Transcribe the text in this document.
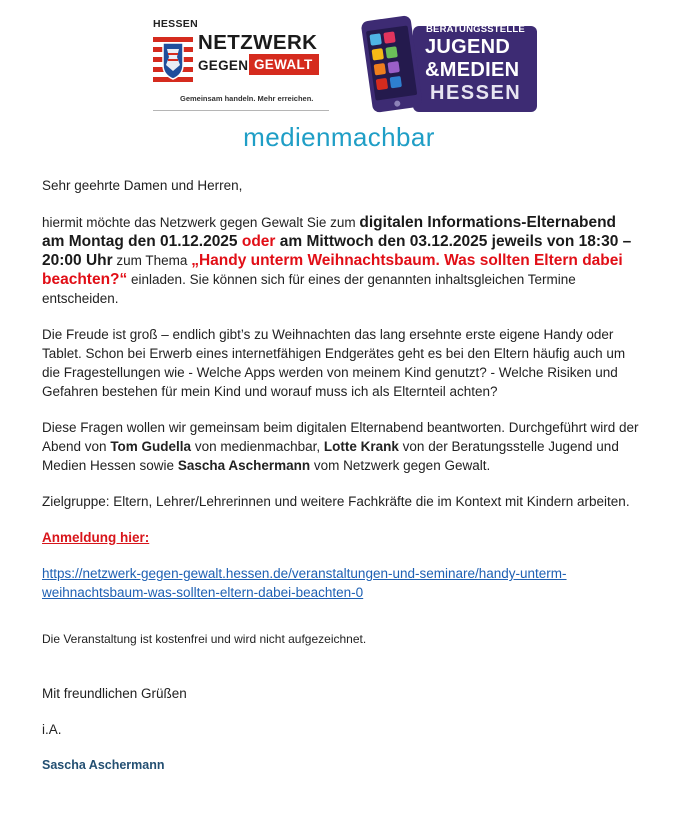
HESSEN
NETZWERK
GEGEN GEWALT
Gemeinsam handeln. Mehr erreichen.
BERATUNGSSTELLE
JUGEND
&MEDIEN
HESSEN
medienmachbar

Sehr geehrte Damen und Herren,

hiermit möchte das Netzwerk gegen Gewalt Sie zum digitalen Informations-Elternabend am Montag den 01.12.2025 oder am Mittwoch den 03.12.2025 jeweils von 18:30 – 20:00 Uhr zum Thema „Handy unterm Weihnachtsbaum. Was sollten Eltern dabei beachten?“ einladen. Sie können sich für eines der genannten inhaltsgleichen Termine entscheiden.

Die Freude ist groß – endlich gibt’s zu Weihnachten das lang ersehnte erste eigene Handy oder Tablet. Schon bei Erwerb eines internetfähigen Endgerätes geht es bei den Eltern häufig auch um die Fragestellungen wie - Welche Apps werden von meinem Kind genutzt? - Welche Risiken und Gefahren bestehen für mein Kind und worauf muss ich als Elternteil achten?

Diese Fragen wollen wir gemeinsam beim digitalen Elternabend beantworten. Durchgeführt wird der Abend von Tom Gudella von medienmachbar, Lotte Krank von der Beratungsstelle Jugend und Medien Hessen sowie Sascha Aschermann vom Netzwerk gegen Gewalt.

Zielgruppe: Eltern, Lehrer/Lehrerinnen und weitere Fachkräfte die im Kontext mit Kindern arbeiten.

Anmeldung hier:

https://netzwerk-gegen-gewalt.hessen.de/veranstaltungen-und-seminare/handy-unterm-weihnachtsbaum-was-sollten-eltern-dabei-beachten-0

Die Veranstaltung ist kostenfrei und wird nicht aufgezeichnet.

Mit freundlichen Grüßen

i.A.

Sascha Aschermann
